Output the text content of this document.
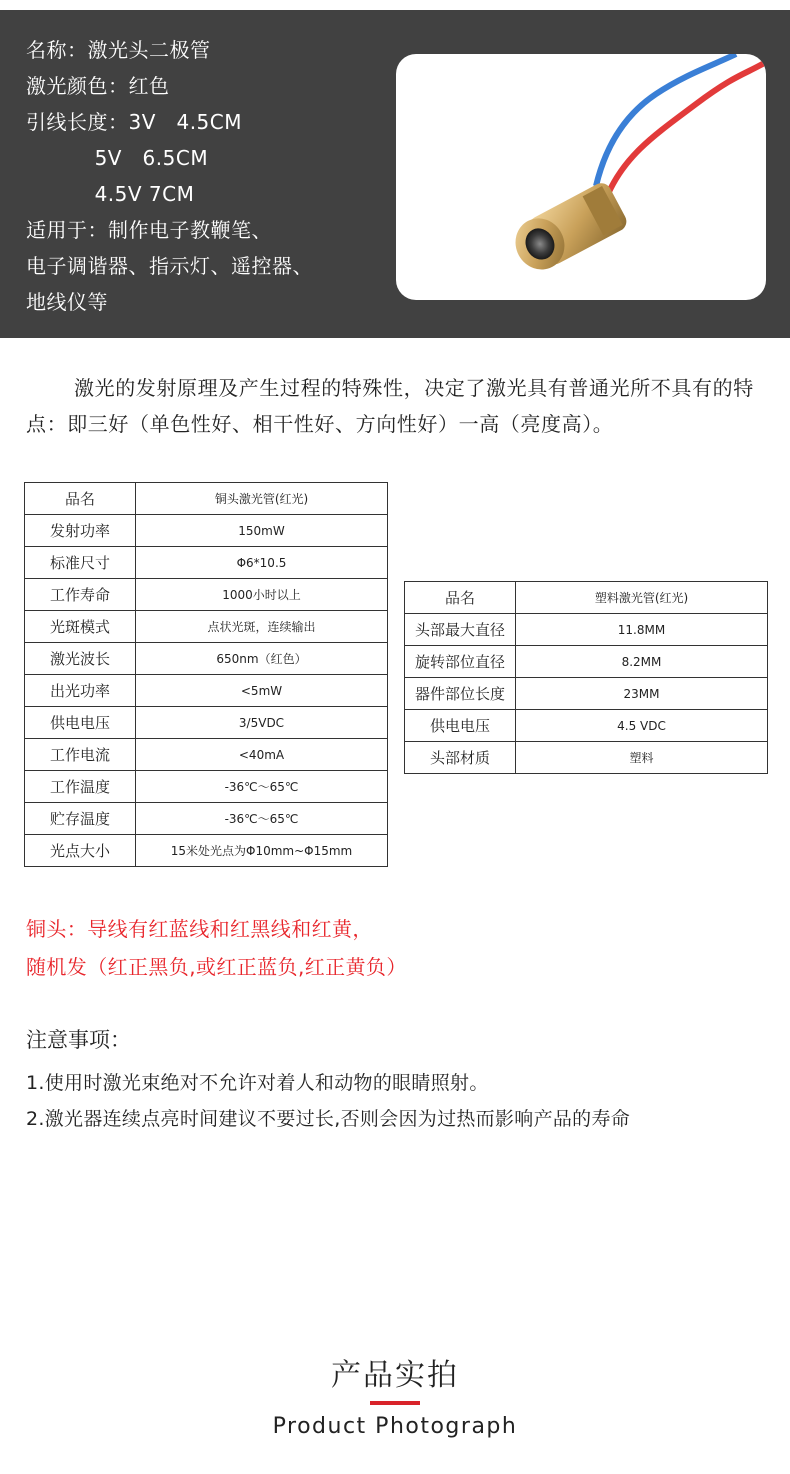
名称：激光头二极管
激光颜色：红色
引线长度：3V   4.5CM
5V   6.5CM
4.5V 7CM
适用于：制作电子教鞭笔、
电子调谐器、指示灯、遥控器、
地线仪等

激光的发射原理及产生过程的特殊性，决定了激光具有普通光所不具有的特点：即三好（单色性好、相干性好、方向性好）一高（亮度高）。

品名	铜头激光管(红光)
发射功率	150mW
标准尺寸	Φ6*10.5
工作寿命	1000小时以上
光斑模式	点状光斑，连续输出
激光波长	650nm（红色）
出光功率	<5mW
供电电压	3/5VDC
工作电流	<40mA
工作温度	-36℃～65℃
贮存温度	-36℃～65℃
光点大小	15米处光点为Φ10mm~Φ15mm
品名	塑料激光管(红光)
头部最大直径	11.8MM
旋转部位直径	8.2MM
器件部位长度	23MM
供电电压	4.5 VDC
头部材质	塑料
铜头：导线有红蓝线和红黑线和红黄，
随机发（红正黑负,或红正蓝负,红正黄负）
注意事项：
1.使用时激光束绝对不允许对着人和动物的眼睛照射。
2.激光器连续点亮时间建议不要过长,否则会因为过热而影响产品的寿命
产品实拍
Product Photograph
